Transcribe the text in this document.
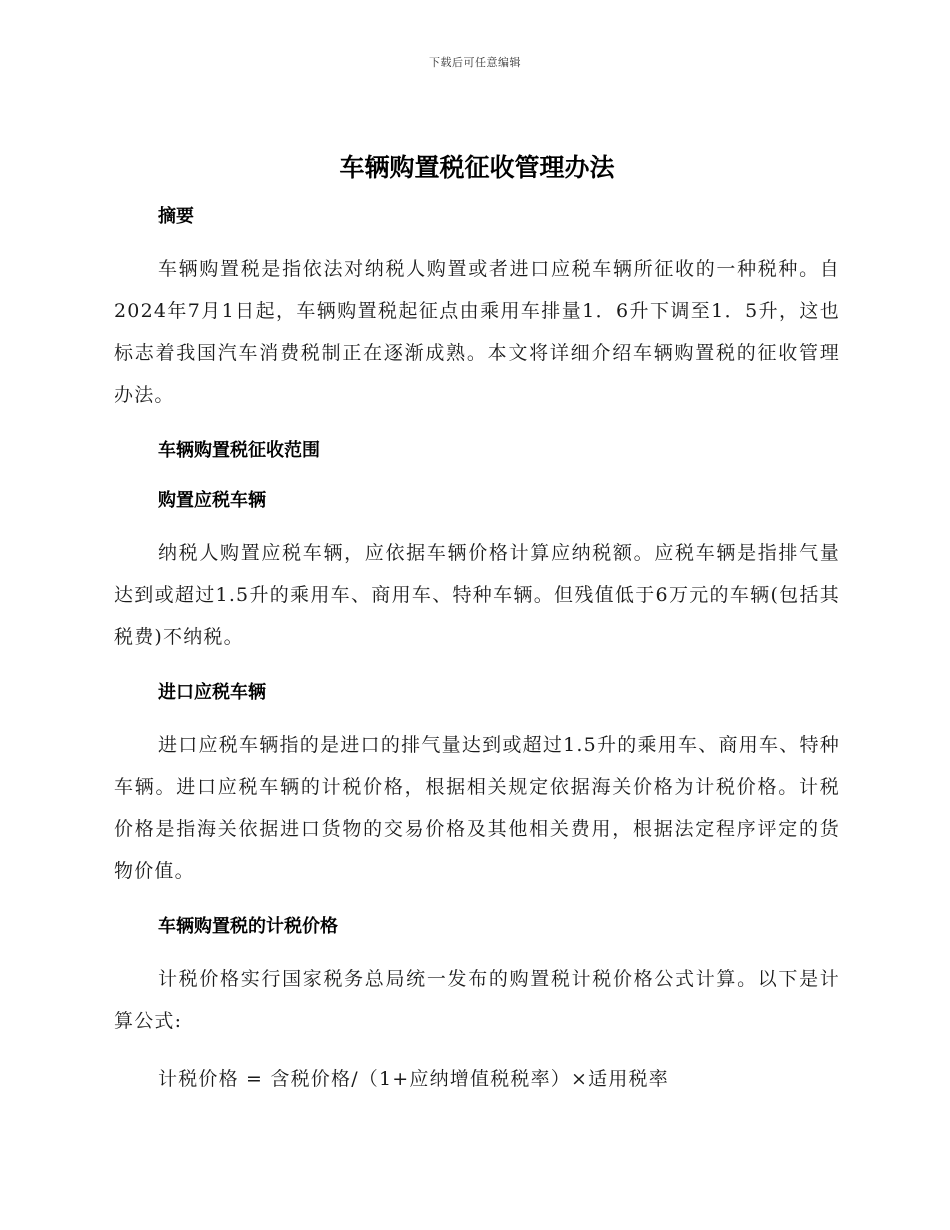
下载后可任意编辑
车辆购置税征收管理办法

摘要

车辆购置税是指依法对纳税人购置或者进口应税车辆所征收的一种税种。自2024年7月1日起，车辆购置税起征点由乘用车排量1．6升下调至1．5升，这也标志着我国汽车消费税制正在逐渐成熟。本文将详细介绍车辆购置税的征收管理办法。

车辆购置税征收范围

购置应税车辆

纳税人购置应税车辆，应依据车辆价格计算应纳税额。应税车辆是指排气量达到或超过1.5升的乘用车、商用车、特种车辆。但残值低于6万元的车辆(包括其税费)不纳税。

进口应税车辆

进口应税车辆指的是进口的排气量达到或超过1.5升的乘用车、商用车、特种车辆。进口应税车辆的计税价格，根据相关规定依据海关价格为计税价格。计税价格是指海关依据进口货物的交易价格及其他相关费用，根据法定程序评定的货物价值。

车辆购置税的计税价格

计税价格实行国家税务总局统一发布的购置税计税价格公式计算。以下是计算公式:

计税价格 = 含税价格/（1+应纳增值税税率）×适用税率
